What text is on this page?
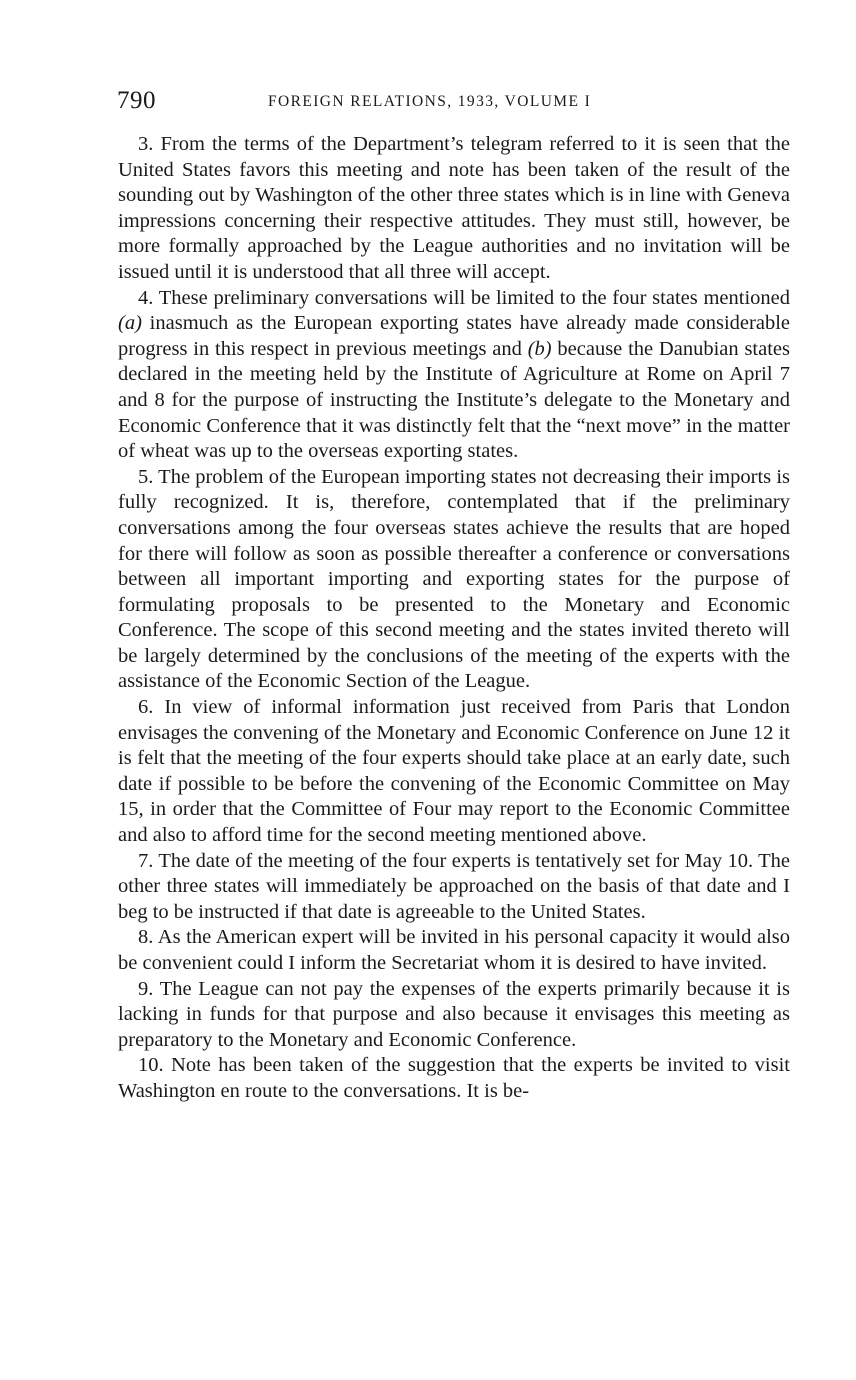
790	FOREIGN RELATIONS, 1933, VOLUME I

3. From the terms of the Department’s telegram referred to it is seen that the United States favors this meeting and note has been taken of the result of the sounding out by Washington of the other three states which is in line with Geneva impressions concerning their respective attitudes. They must still, however, be more formally approached by the League authorities and no invitation will be issued until it is understood that all three will accept.

4. These preliminary conversations will be limited to the four states mentioned (a) inasmuch as the European exporting states have already made considerable progress in this respect in previous meetings and (b) because the Danubian states declared in the meeting held by the Institute of Agriculture at Rome on April 7 and 8 for the purpose of instructing the Institute’s delegate to the Monetary and Economic Conference that it was distinctly felt that the “next move” in the matter of wheat was up to the overseas exporting states.

5. The problem of the European importing states not decreasing their imports is fully recognized. It is, therefore, contemplated that if the preliminary conversations among the four overseas states achieve the results that are hoped for there will follow as soon as possible thereafter a conference or conversations between all important importing and exporting states for the purpose of formulating proposals to be presented to the Monetary and Economic Conference. The scope of this second meeting and the states invited thereto will be largely determined by the conclusions of the meeting of the experts with the assistance of the Economic Section of the League.

6. In view of informal information just received from Paris that London envisages the convening of the Monetary and Economic Conference on June 12 it is felt that the meeting of the four experts should take place at an early date, such date if possible to be before the convening of the Economic Committee on May 15, in order that the Committee of Four may report to the Economic Committee and also to afford time for the second meeting mentioned above.

7. The date of the meeting of the four experts is tentatively set for May 10. The other three states will immediately be approached on the basis of that date and I beg to be instructed if that date is agreeable to the United States.

8. As the American expert will be invited in his personal capacity it would also be convenient could I inform the Secretariat whom it is desired to have invited.

9. The League can not pay the expenses of the experts primarily because it is lacking in funds for that purpose and also because it envisages this meeting as preparatory to the Monetary and Economic Conference.

10. Note has been taken of the suggestion that the experts be invited to visit Washington en route to the conversations. It is be-
